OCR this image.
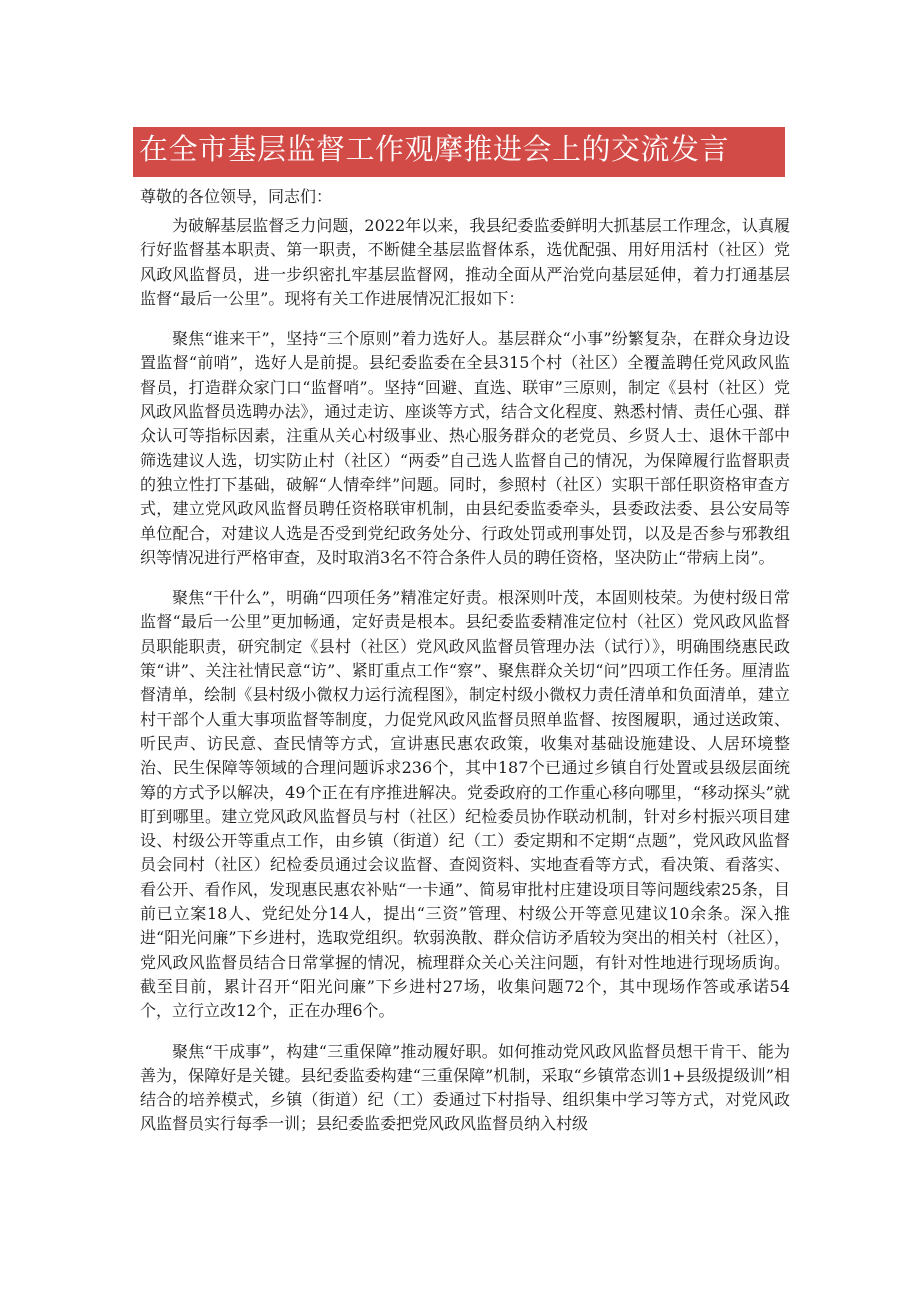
在全市基层监督工作观摩推进会上的交流发言
尊敬的各位领导，同志们：

为破解基层监督乏力问题，2022年以来，我县纪委监委鲜明大抓基层工作理念，认真履行好监督基本职责、第一职责，不断健全基层监督体系，选优配强、用好用活村（社区）党风政风监督员，进一步织密扎牢基层监督网，推动全面从严治党向基层延伸，着力打通基层监督“最后一公里”。现将有关工作进展情况汇报如下：

聚焦“谁来干”，坚持“三个原则”着力选好人。基层群众“小事”纷繁复杂，在群众身边设置监督“前哨”，选好人是前提。县纪委监委在全县315个村（社区）全覆盖聘任党风政风监督员，打造群众家门口“监督哨”。坚持“回避、直选、联审”三原则，制定《县村（社区）党风政风监督员选聘办法》，通过走访、座谈等方式，结合文化程度、熟悉村情、责任心强、群众认可等指标因素，注重从关心村级事业、热心服务群众的老党员、乡贤人士、退休干部中筛选建议人选，切实防止村（社区）“两委”自己选人监督自己的情况，为保障履行监督职责的独立性打下基础，破解“人情牵绊”问题。同时，参照村（社区）实职干部任职资格审查方式，建立党风政风监督员聘任资格联审机制，由县纪委监委牵头，县委政法委、县公安局等单位配合，对建议人选是否受到党纪政务处分、行政处罚或刑事处罚，以及是否参与邪教组织等情况进行严格审查，及时取消3名不符合条件人员的聘任资格，坚决防止“带病上岗”。

聚焦“干什么”，明确“四项任务”精准定好责。根深则叶茂，本固则枝荣。为使村级日常监督“最后一公里”更加畅通，定好责是根本。县纪委监委精准定位村（社区）党风政风监督员职能职责，研究制定《县村（社区）党风政风监督员管理办法（试行）》，明确围绕惠民政策“讲”、关注社情民意“访”、紧盯重点工作“察”、聚焦群众关切“问”四项工作任务。厘清监督清单，绘制《县村级小微权力运行流程图》，制定村级小微权力责任清单和负面清单，建立村干部个人重大事项监督等制度，力促党风政风监督员照单监督、按图履职，通过送政策、听民声、访民意、查民情等方式，宣讲惠民惠农政策，收集对基础设施建设、人居环境整治、民生保障等领域的合理问题诉求236个，其中187个已通过乡镇自行处置或县级层面统筹的方式予以解决，49个正在有序推进解决。党委政府的工作重心移向哪里，“移动探头”就盯到哪里。建立党风政风监督员与村（社区）纪检委员协作联动机制，针对乡村振兴项目建设、村级公开等重点工作，由乡镇（街道）纪（工）委定期和不定期“点题”，党风政风监督员会同村（社区）纪检委员通过会议监督、查阅资料、实地查看等方式，看决策、看落实、看公开、看作风，发现惠民惠农补贴“一卡通”、简易审批村庄建设项目等问题线索25条，目前已立案18人、党纪处分14人，提出“三资”管理、村级公开等意见建议10余条。深入推进“阳光问廉”下乡进村，选取党组织。软弱涣散、群众信访矛盾较为突出的相关村（社区），党风政风监督员结合日常掌握的情况，梳理群众关心关注问题，有针对性地进行现场质询。截至目前，累计召开“阳光问廉”下乡进村27场，收集问题72个，其中现场作答或承诺54个，立行立改12个，正在办理6个。

聚焦“干成事”，构建“三重保障”推动履好职。如何推动党风政风监督员想干肯干、能为善为，保障好是关键。县纪委监委构建“三重保障”机制，采取“乡镇常态训1+县级提级训”相结合的培养模式，乡镇（街道）纪（工）委通过下村指导、组织集中学习等方式，对党风政风监督员实行每季一训；县纪委监委把党风政风监督员纳入村级
